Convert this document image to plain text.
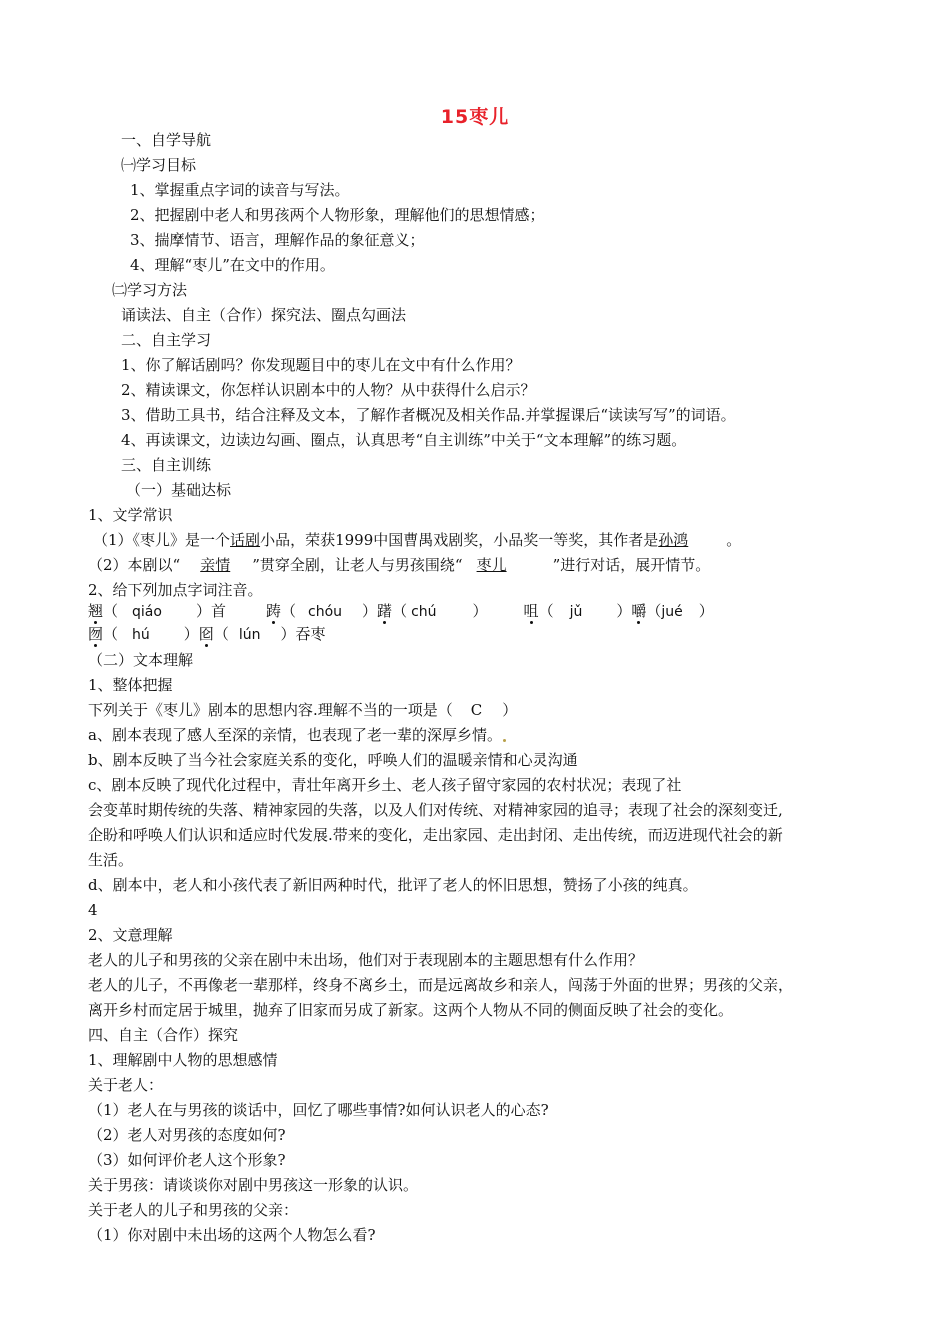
15枣儿
一、自学导航
㈠学习目标
1、掌握重点字词的读音与写法。
2、把握剧中老人和男孩两个人物形象，理解他们的思想情感；
3、揣摩情节、语言，理解作品的象征意义；
4、理解“枣儿”在文中的作用。
㈡学习方法
诵读法、自主（合作）探究法、圈点勾画法
二、自主学习
1、你了解话剧吗？你发现题目中的枣儿在文中有什么作用？
2、精读课文，你怎样认识剧本中的人物？从中获得什么启示？
3、借助工具书，结合注释及文本，了解作者概况及相关作品.并掌握课后“读读写写”的词语。
4、再读课文，边读边勾画、圈点，认真思考“自主训练”中关于“文本理解”的练习题。
三、自主训练
（一）基础达标
1、文学常识
（1）《枣儿》是一个话剧小品，荣获1999中国曹禺戏剧奖，小品奖一等奖，其作者是孙鸿	。
（2）本剧以“ 亲情 ”贯穿全剧，让老人与男孩围绕“ 枣儿	”进行对话，展开情节。
2、给下列加点字词注音。
翘（ qiáo ）首	踌（ chóu ）躇（ chú ） 咀（ jǔ ）嚼（jué ）
囫（ hú ）囵（ lún ）吞枣
（二）文本理解
1、整体把握
下列关于《枣儿》剧本的思想内容.理解不当的一项是（ C ）
a、剧本表现了感人至深的亲情，也表现了老一辈的深厚乡情。
b、剧本反映了当今社会家庭关系的变化，呼唤人们的温暖亲情和心灵沟通
c、剧本反映了现代化过程中，青壮年离开乡土、老人孩子留守家园的农村状况；表现了社
会变革时期传统的失落、精神家园的失落，以及人们对传统、对精神家园的追寻；表现了社会的深刻变迁,
企盼和呼唤人们认识和适应时代发展.带来的变化，走出家园、走出封闭、走出传统，而迈进现代社会的新
生活。
d、剧本中，老人和小孩代表了新旧两种时代，批评了老人的怀旧思想，赞扬了小孩的纯真。
4
2、文意理解
老人的儿子和男孩的父亲在剧中未出场，他们对于表现剧本的主题思想有什么作用？
老人的儿子，不再像老一辈那样，终身不离乡土，而是远离故乡和亲人，闯荡于外面的世界；男孩的父亲，
离开乡村而定居于城里，抛弃了旧家而另成了新家。这两个人物从不同的侧面反映了社会的变化。
四、自主（合作）探究
1、理解剧中人物的思想感情
关于老人：
（1）老人在与男孩的谈话中，回忆了哪些事情?如何认识老人的心态?
（2）老人对男孩的态度如何?
（3）如何评价老人这个形象?
关于男孩：请谈谈你对剧中男孩这一形象的认识。
关于老人的儿子和男孩的父亲：
（1）你对剧中未出场的这两个人物怎么看?
